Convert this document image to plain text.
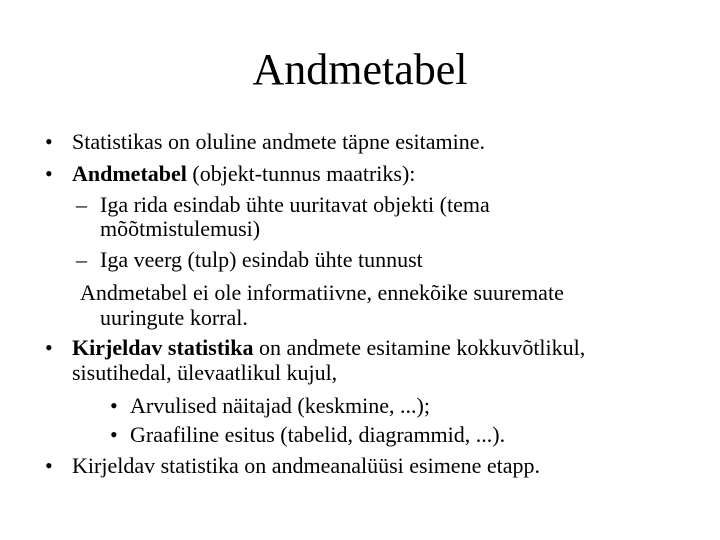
Andmetabel
• Statistikas on oluline andmete täpne esitamine.
• Andmetabel (objekt-tunnus maatriks):
– Iga rida esindab ühte uuritavat objekti (tema
mõõtmistulemusi)
– Iga veerg (tulp) esindab ühte tunnust
Andmetabel ei ole informatiivne, ennekõike suuremate
uuringute korral.
• Kirjeldav statistika on andmete esitamine kokkuvõtlikul,
sisutihedal, ülevaatlikul kujul,
• Arvulised näitajad (keskmine, ...);
• Graafiline esitus (tabelid, diagrammid, ...).
• Kirjeldav statistika on andmeanalüüsi esimene etapp.
